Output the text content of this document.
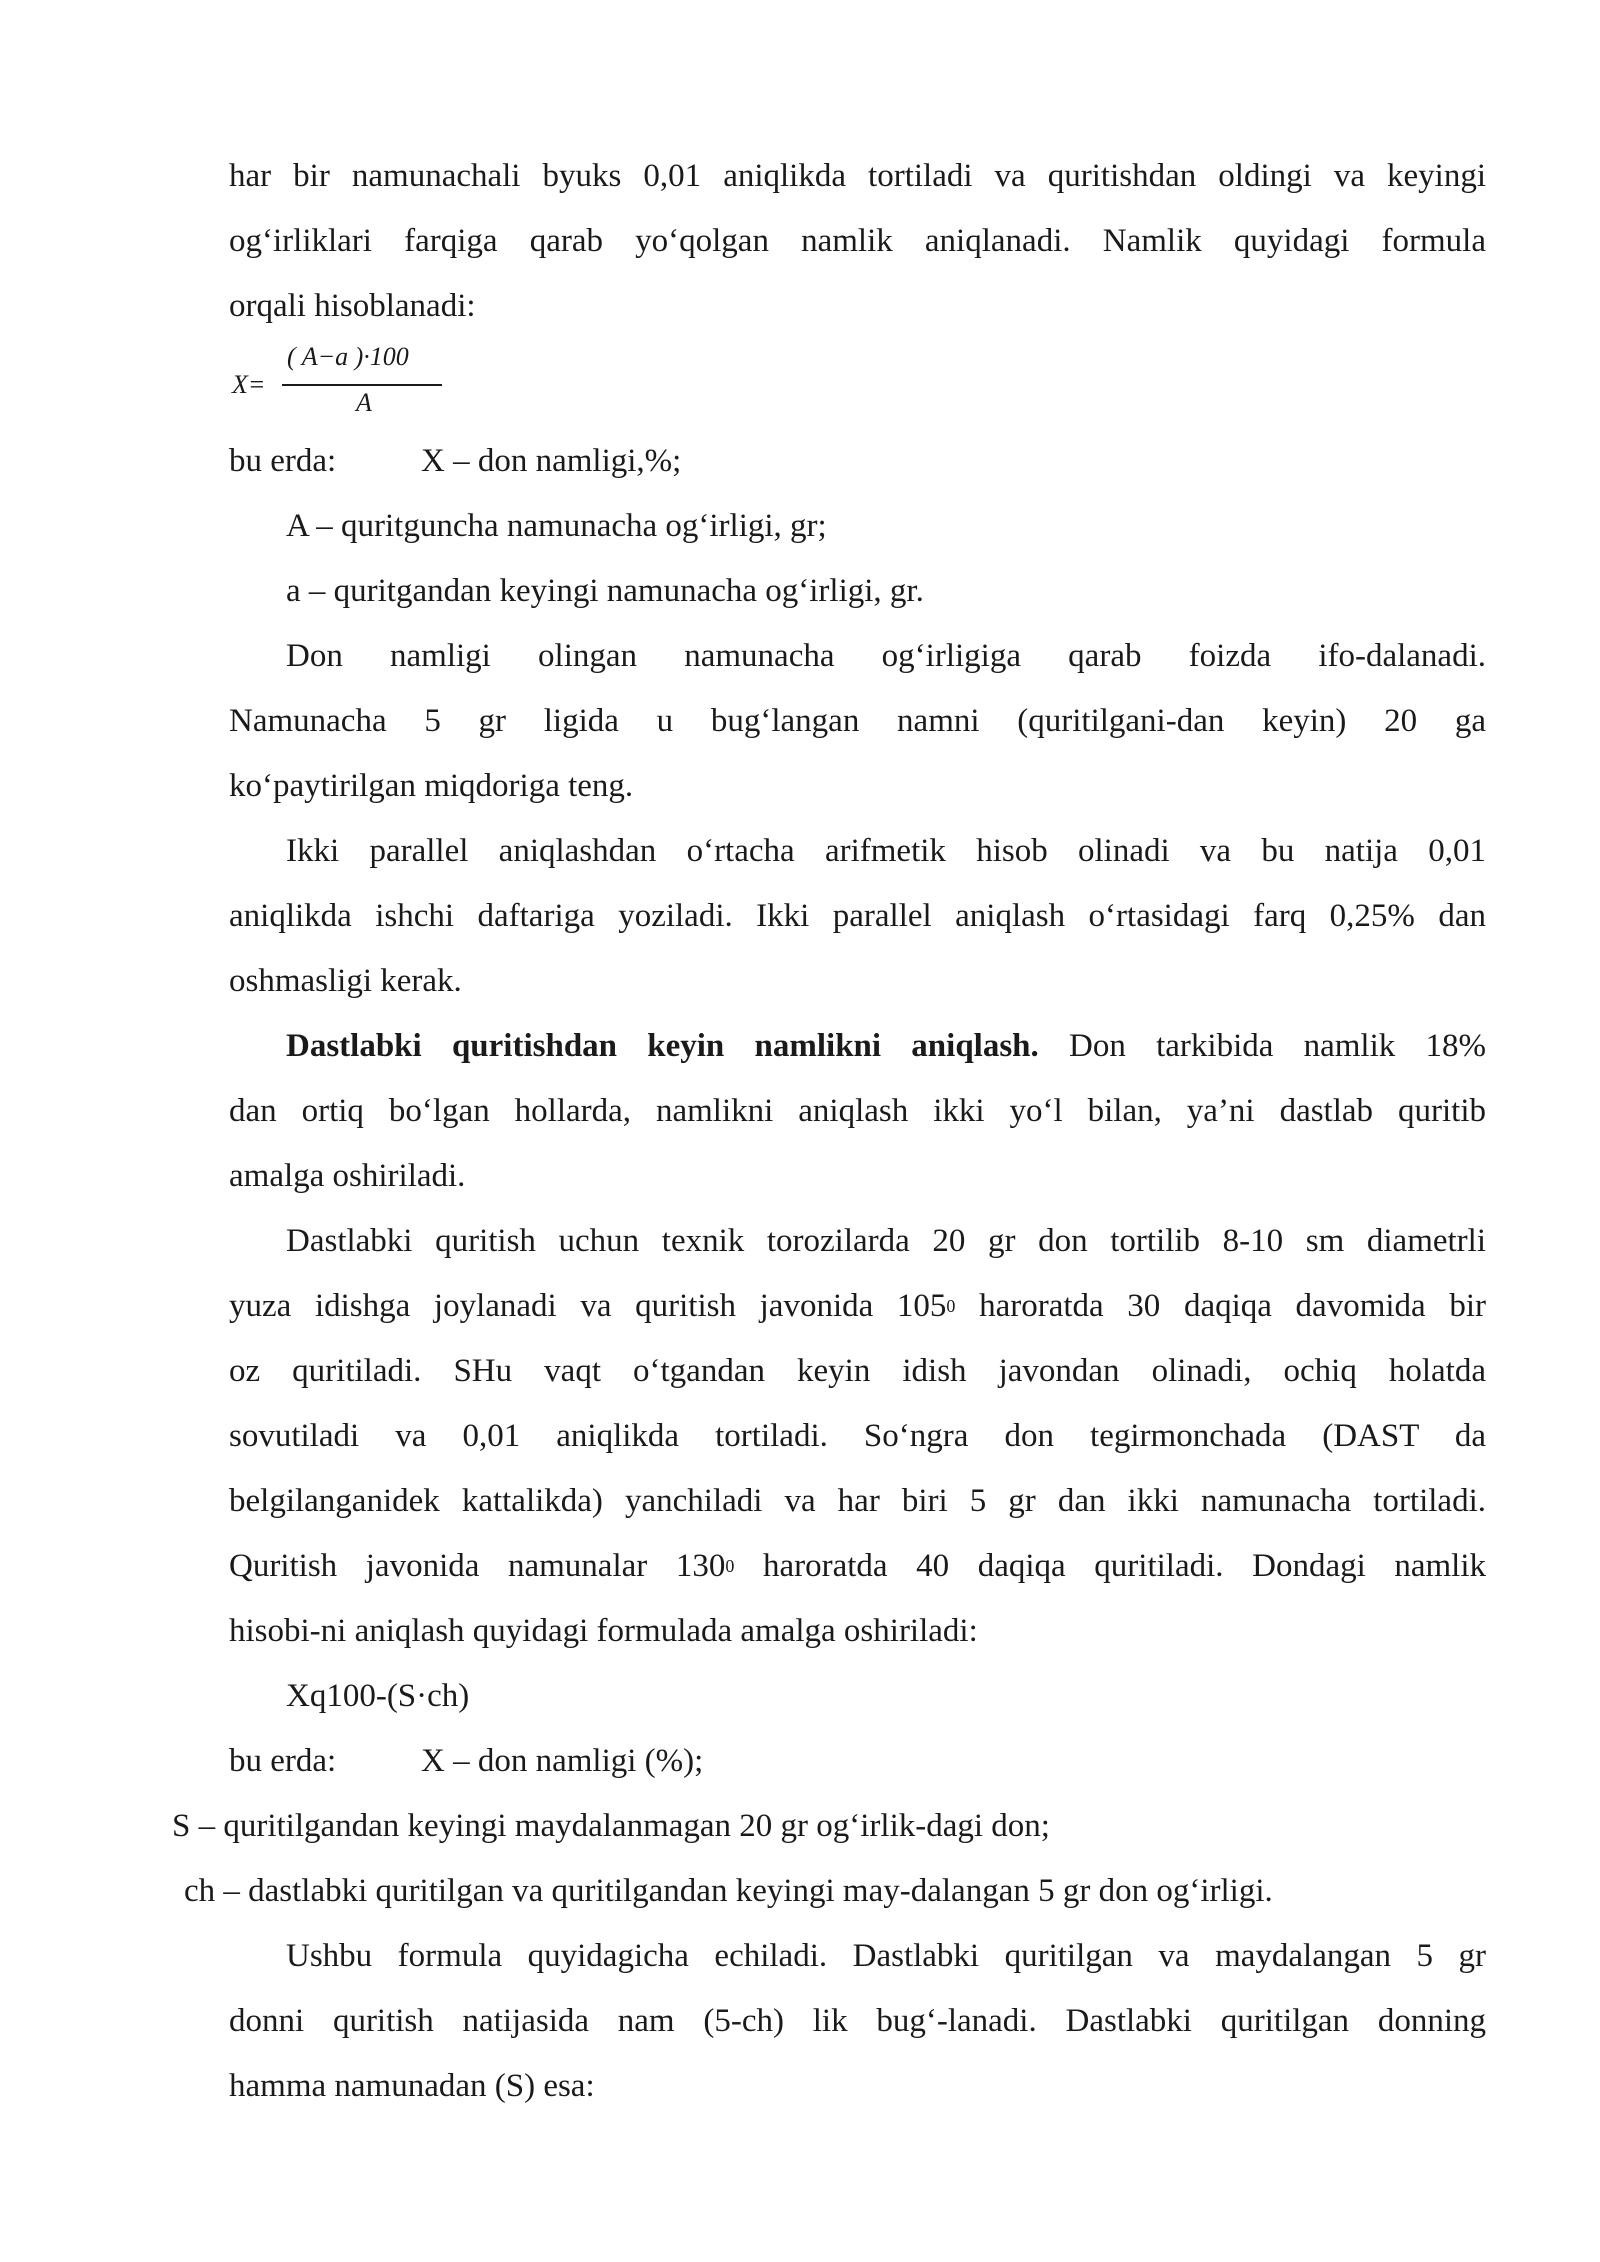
har bir namunachali byuks 0,01 aniqlikda tortiladi va quritishdan oldingi va keyingi
og‘irliklari farqiga qarab yo‘qolgan namlik aniqlanadi. Namlik quyidagi formula
orqali hisoblanadi:
X=
( A−a )·100
A
bu erda:	X – don namligi,%;
A – quritguncha namunacha og‘irligi, gr;
a – quritgandan keyingi namunacha og‘irligi, gr.
Don namligi olingan namunacha og‘irligiga qarab foizda ifo-dalanadi.
Namunacha 5 gr ligida u bug‘langan namni (quritilgani-dan keyin) 20 ga
ko‘paytirilgan miqdoriga teng.
Ikki parallel aniqlashdan o‘rtacha arifmetik hisob olinadi va bu natija 0,01
aniqlikda ishchi daftariga yoziladi. Ikki parallel aniqlash o‘rtasidagi farq 0,25% dan
oshmasligi kerak.
Dastlabki quritishdan keyin namlikni aniqlash. Don tarkibida namlik 18%
dan ortiq bo‘lgan hollarda, namlikni aniqlash ikki yo‘l bilan, ya’ni dastlab quritib
amalga oshiriladi.
Dastlabki quritish uchun texnik torozilarda 20 gr don tortilib 8-10 sm diametrli
yuza idishga joylanadi va quritish javonida $105^0$ haroratda 30 daqiqa davomida bir
oz quritiladi. SHu vaqt o‘tgandan keyin idish javondan olinadi, ochiq holatda
sovutiladi va 0,01 aniqlikda tortiladi. So‘ngra don tegirmonchada (DAST da
belgilanganidek kattalikda) yanchiladi va har biri 5 gr dan ikki namunacha tortiladi.
Quritish javonida namunalar $130^0$ haroratda 40 daqiqa quritiladi. Dondagi namlik
hisobi-ni aniqlash quyidagi formulada amalga oshiriladi:
Xq100-(S·ch)
bu erda:	X – don namligi (%);
S – quritilgandan keyingi maydalanmagan 20 gr og‘irlik-dagi don;
ch – dastlabki quritilgan va quritilgandan keyingi may-dalangan 5 gr don og‘irligi.
Ushbu formula quyidagicha echiladi. Dastlabki quritilgan va maydalangan 5 gr
donni quritish natijasida nam (5-ch) lik bug‘-lanadi. Dastlabki quritilgan donning
hamma namunadan (S) esa:
